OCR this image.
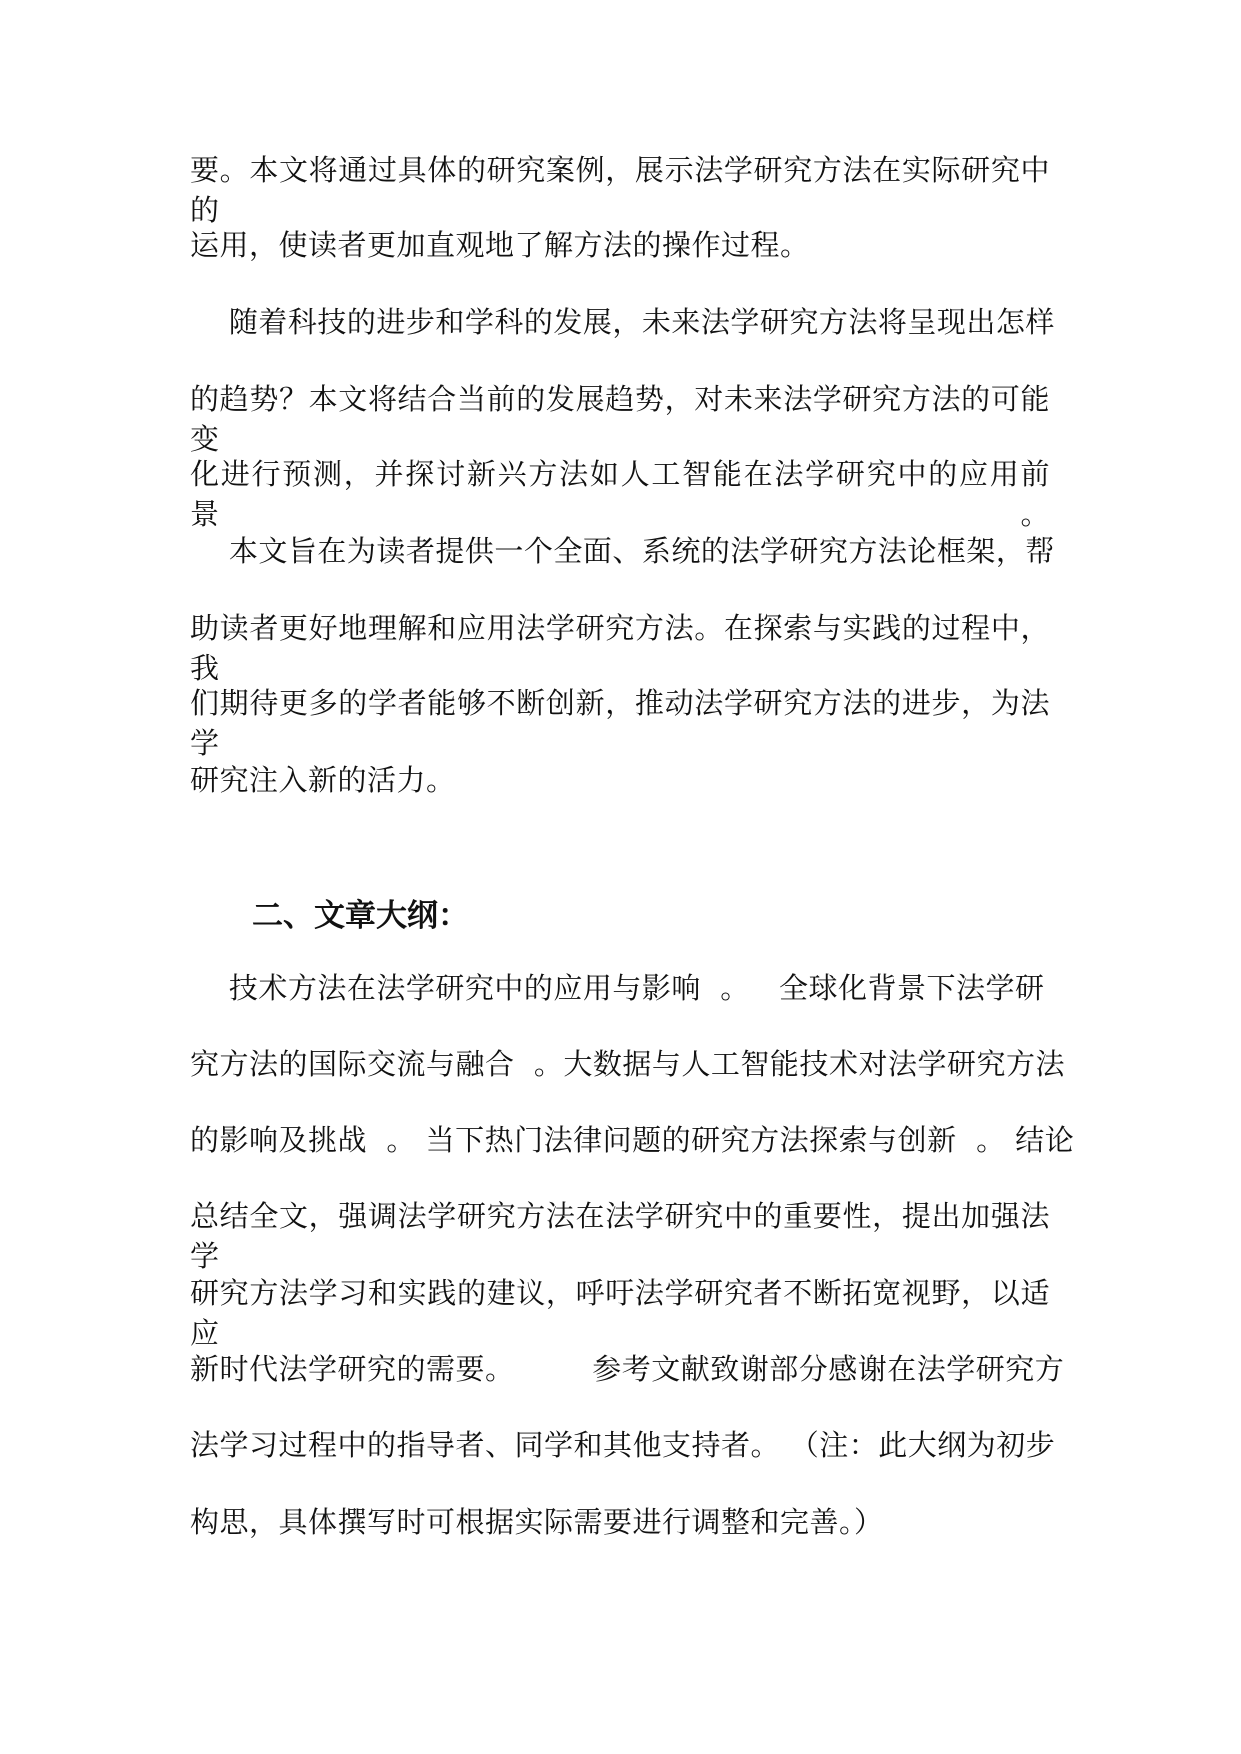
要。本文将通过具体的研究案例，展示法学研究方法在实际研究中的
运用，使读者更加直观地了解方法的操作过程。
随着科技的进步和学科的发展，未来法学研究方法将呈现出怎样
的趋势？本文将结合当前的发展趋势，对未来法学研究方法的可能变
化进行预测，并探讨新兴方法如人工智能在法学研究中的应用前景。
本文旨在为读者提供一个全面、系统的法学研究方法论框架，帮
助读者更好地理解和应用法学研究方法。在探索与实践的过程中，我
们期待更多的学者能够不断创新，推动法学研究方法的进步，为法学
研究注入新的活力。
二、文章大纲：
技术方法在法学研究中的应用与影响  。   全球化背景下法学研
究方法的国际交流与融合  。大数据与人工智能技术对法学研究方法
的影响及挑战  。 当下热门法律问题的研究方法探索与创新  。 结论
总结全文，强调法学研究方法在法学研究中的重要性，提出加强法学
研究方法学习和实践的建议，呼吁法学研究者不断拓宽视野，以适应
新时代法学研究的需要。        参考文献致谢部分感谢在法学研究方
法学习过程中的指导者、同学和其他支持者。 （注：此大纲为初步
构思，具体撰写时可根据实际需要进行调整和完善。）
